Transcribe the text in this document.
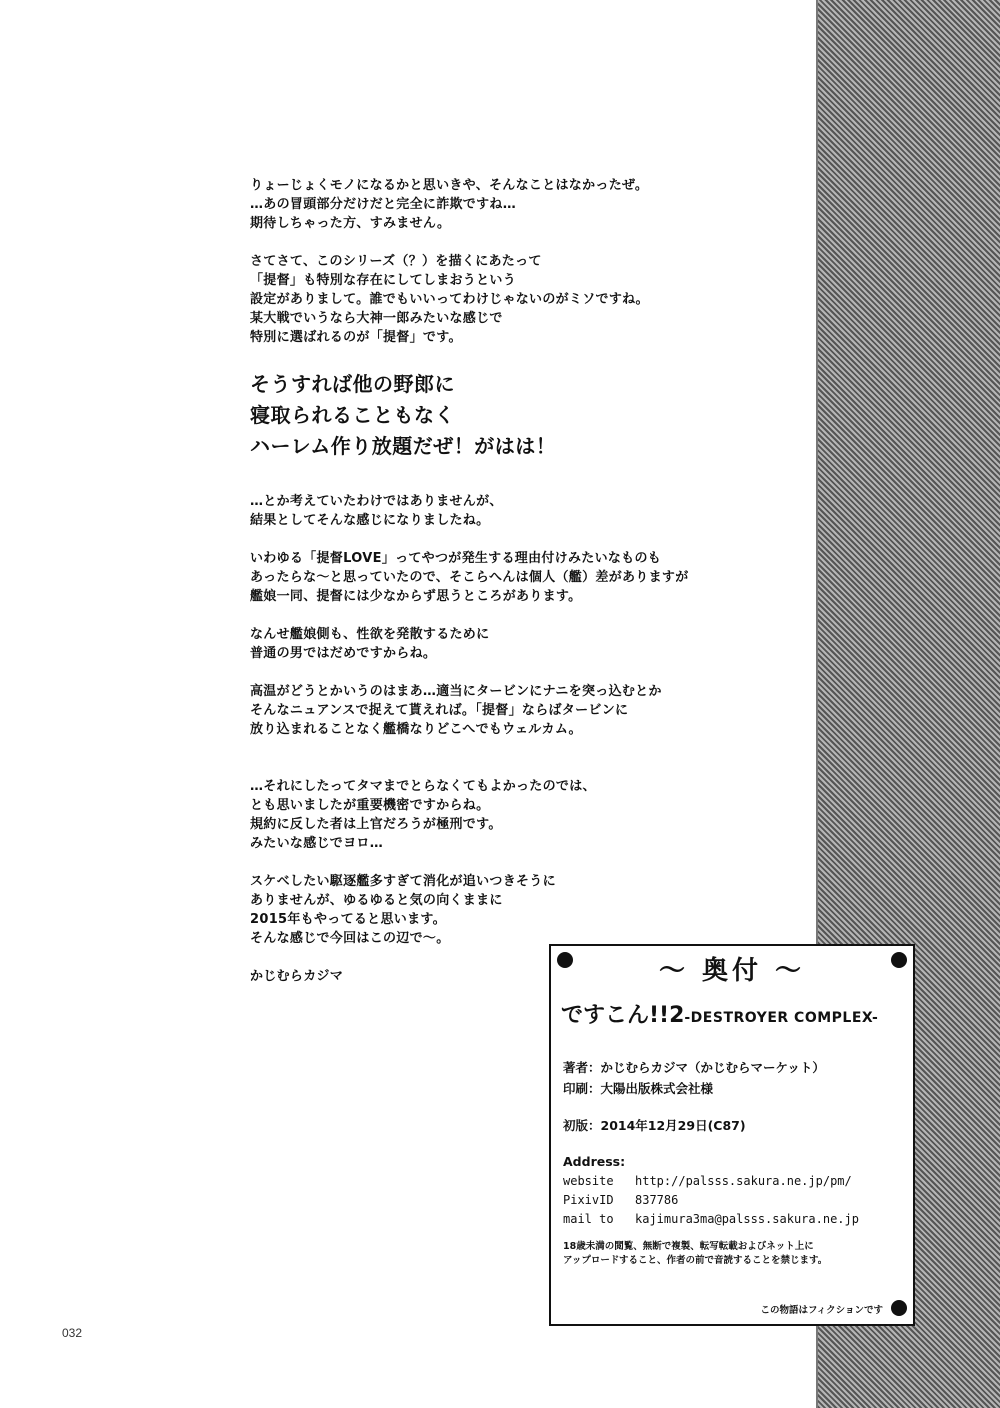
りょーじょくモノになるかと思いきや、そんなことはなかったぜ。

…あの冒頭部分だけだと完全に詐欺ですね…

期待しちゃった方、すみません。

さてさて、このシリーズ（？）を描くにあたって

「提督」も特別な存在にしてしまおうという

設定がありまして。誰でもいいってわけじゃないのがミソですね。

某大戦でいうなら大神一郎みたいな感じで

特別に選ばれるのが「提督」です。

そうすれば他の野郎に

寝取られることもなく

ハーレム作り放題だぜ！がはは！

…とか考えていたわけではありませんが、

結果としてそんな感じになりましたね。

いわゆる「提督LOVE」ってやつが発生する理由付けみたいなものも

あったらな〜と思っていたので、そこらへんは個人（艦）差がありますが

艦娘一同、提督には少なからず思うところがあります。

なんせ艦娘側も、性欲を発散するために

普通の男ではだめですからね。

高温がどうとかいうのはまあ…適当にタービンにナニを突っ込むとか

そんなニュアンスで捉えて貰えれば。「提督」ならばタービンに

放り込まれることなく艦橋なりどこへでもウェルカム。

…それにしたってタマまでとらなくてもよかったのでは、

とも思いましたが重要機密ですからね。

規約に反した者は上官だろうが極刑です。

みたいな感じでヨロ…

スケベしたい駆逐艦多すぎて消化が追いつきそうに

ありませんが、ゆるゆると気の向くままに

2015年もやってると思います。

そんな感じで今回はこの辺で〜。

かじむらカジマ	〜 奥付 〜
ですこん!!2-DESTROYER COMPLEX-
著者：かじむらカジマ（かじむらマーケット）
印刷：大陽出版株式会社様
初版：2014年12月29日(C87)
Address:
website http://palsss.sakura.ne.jp/pm/
PixivID 837786
mail to kajimura3ma@palsss.sakura.ne.jp
18歳未満の閲覧、無断で複製、転写転載およびネット上に
アップロードすること、作者の前で音読することを禁じます。
この物語はフィクションです
032
